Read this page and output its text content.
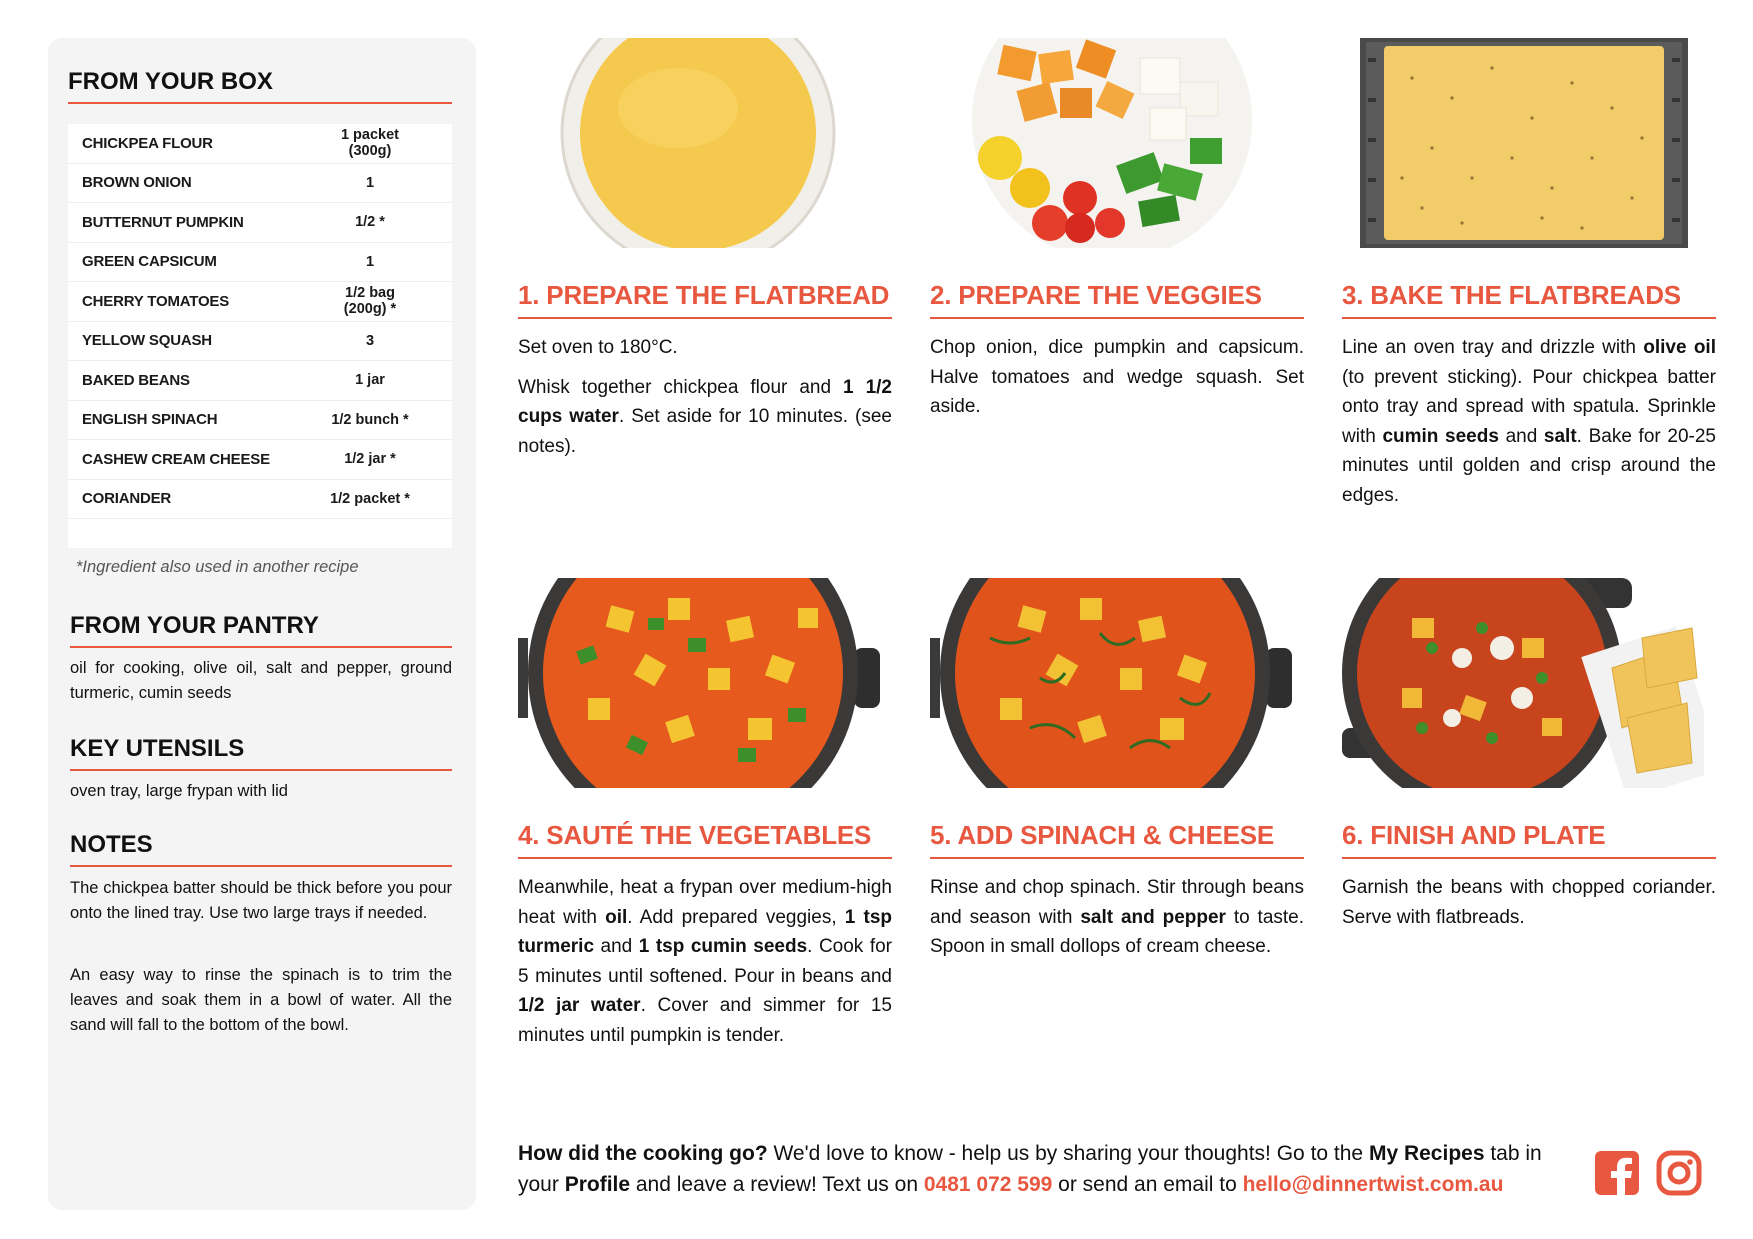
FROM YOUR BOX
CHICKPEA FLOUR	1 packet (300g)
BROWN ONION	1
BUTTERNUT PUMPKIN	1/2 *
GREEN CAPSICUM	1
CHERRY TOMATOES	1/2 bag (200g) *
YELLOW SQUASH	3
BAKED BEANS	1 jar
ENGLISH SPINACH	1/2 bunch *
CASHEW CREAM CHEESE	1/2 jar *
CORIANDER	1/2 packet *
*Ingredient also used in another recipe
FROM YOUR PANTRY

oil for cooking, olive oil, salt and pepper, ground turmeric, cumin seeds

KEY UTENSILS

oven tray, large frypan with lid

NOTES

The chickpea batter should be thick before you pour onto the lined tray. Use two large trays if needed.

An easy way to rinse the spinach is to trim the leaves and soak them in a bowl of water. All the sand will fall to the bottom of the bowl.

1. PREPARE THE FLATBREAD

Set oven to 180°C.

Whisk together chickpea flour and 1 1/2 cups water. Set aside for 10 minutes. (see notes).

2. PREPARE THE VEGGIES

Chop onion, dice pumpkin and capsicum. Halve tomatoes and wedge squash. Set aside.

3. BAKE THE FLATBREADS

Line an oven tray and drizzle with olive oil (to prevent sticking). Pour chickpea batter onto tray and spread with spatula. Sprinkle with cumin seeds and salt. Bake for 20-25 minutes until golden and crisp around the edges.

4. SAUTÉ THE VEGETABLES

Meanwhile, heat a frypan over medium-high heat with oil. Add prepared veggies, 1 tsp turmeric and 1 tsp cumin seeds. Cook for 5 minutes until softened. Pour in beans and 1/2 jar water. Cover and simmer for 15 minutes until pumpkin is tender.

5. ADD SPINACH & CHEESE

Rinse and chop spinach. Stir through beans and season with salt and pepper to taste. Spoon in small dollops of cream cheese.

6. FINISH AND PLATE

Garnish the beans with chopped coriander. Serve with flatbreads.

How did the cooking go? We'd love to know - help us by sharing your thoughts! Go to the My Recipes tab in your Profile and leave a review! Text us on 0481 072 599 or send an email to hello@dinnertwist.com.au
